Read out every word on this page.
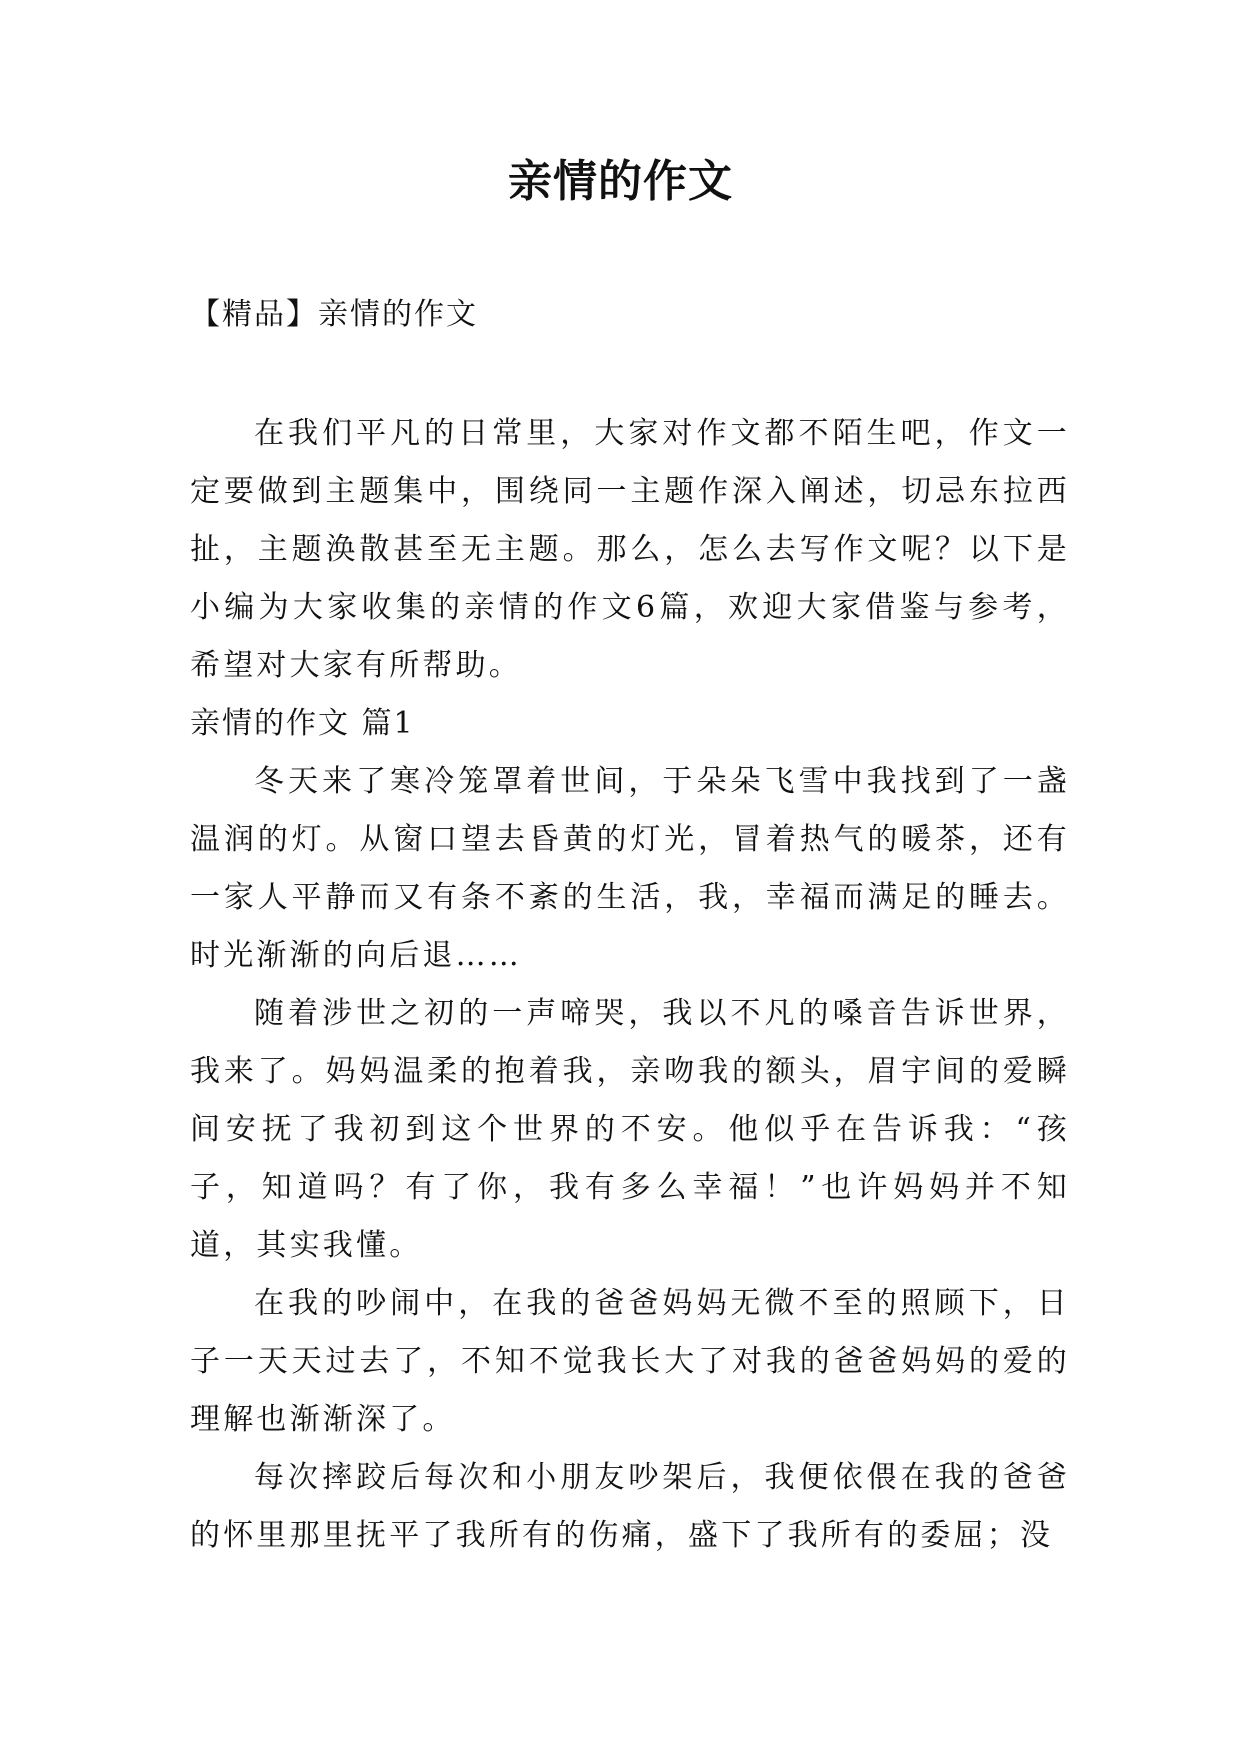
亲情的作文

【精品】亲情的作文

在我们平凡的日常里，大家对作文都不陌生吧，作文一定要做到主题集中，围绕同一主题作深入阐述，切忌东拉西扯，主题涣散甚至无主题。那么，怎么去写作文呢？以下是小编为大家收集的亲情的作文6篇，欢迎大家借鉴与参考，希望对大家有所帮助。

亲情的作文 篇1

冬天来了寒冷笼罩着世间，于朵朵飞雪中我找到了一盏温润的灯。从窗口望去昏黄的灯光，冒着热气的暖茶，还有一家人平静而又有条不紊的生活，我，幸福而满足的睡去。时光渐渐的向后退……

随着涉世之初的一声啼哭，我以不凡的嗓音告诉世界，我来了。妈妈温柔的抱着我，亲吻我的额头，眉宇间的爱瞬间安抚了我初到这个世界的不安。他似乎在告诉我：“孩子，知道吗？有了你，我有多么幸福！”也许妈妈并不知道，其实我懂。

在我的吵闹中，在我的爸爸妈妈无微不至的照顾下，日子一天天过去了，不知不觉我长大了对我的爸爸妈妈的爱的理解也渐渐深了。

每次摔跤后每次和小朋友吵架后，我便依偎在我的爸爸的怀里那里抚平了我所有的伤痛，盛下了我所有的委屈；没
